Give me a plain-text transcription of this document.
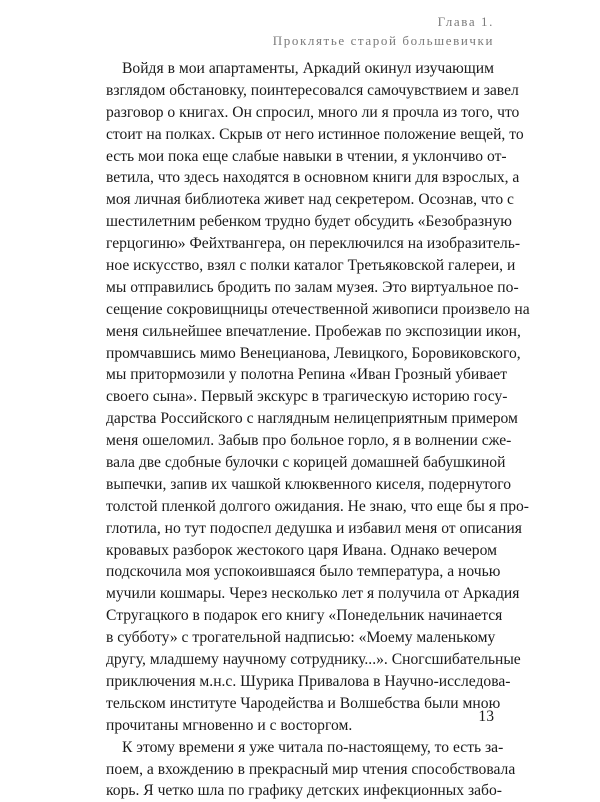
Глава 1.
Проклятье старой большевички
Войдя в мои апартаменты, Аркадий окинул изучающим
взглядом обстановку, поинтересовался самочувствием и завел
разговор о книгах. Он спросил, много ли я прочла из того, что
стоит на полках. Скрыв от него истинное положение вещей, то
есть мои пока еще слабые навыки в чтении, я уклончиво от-
ветила, что здесь находятся в основном книги для взрослых, а
моя личная библиотека живет над секретером. Осознав, что с
шестилетним ребенком трудно будет обсудить «Безобразную
герцогиню» Фейхтвангера, он переключился на изобразитель-
ное искусство, взял с полки каталог Третьяковской галереи, и
мы отправились бродить по залам музея. Это виртуальное по-
сещение сокровищницы отечественной живописи произвело на
меня сильнейшее впечатление. Пробежав по экспозиции икон,
промчавшись мимо Венецианова, Левицкого, Боровиковского,
мы притормозили у полотна Репина «Иван Грозный убивает
своего сына». Первый экскурс в трагическую историю госу-
дарства Российского с наглядным нелицеприятным примером
меня ошеломил. Забыв про больное горло, я в волнении сже-
вала две сдобные булочки с корицей домашней бабушкиной
выпечки, запив их чашкой клюквенного киселя, подернутого
толстой пленкой долгого ожидания. Не знаю, что еще бы я про-
глотила, но тут подоспел дедушка и избавил меня от описания
кровавых разборок жестокого царя Ивана. Однако вечером
подскочила моя успокоившаяся было температура, а ночью
мучили кошмары. Через несколько лет я получила от Аркадия
Стругацкого в подарок его книгу «Понедельник начинается
в субботу» с трогательной надписью: «Моему маленькому
другу, младшему научному сотруднику...». Сногсшибательные
приключения м.н.с. Шурика Привалова в Научно-исследова-
тельском институте Чародейства и Волшебства были мною
прочитаны мгновенно и с восторгом.
К этому времени я уже читала по-настоящему, то есть за-
поем, а вхождению в прекрасный мир чтения способствовала
корь. Я четко шла по графику детских инфекционных забо-
13
